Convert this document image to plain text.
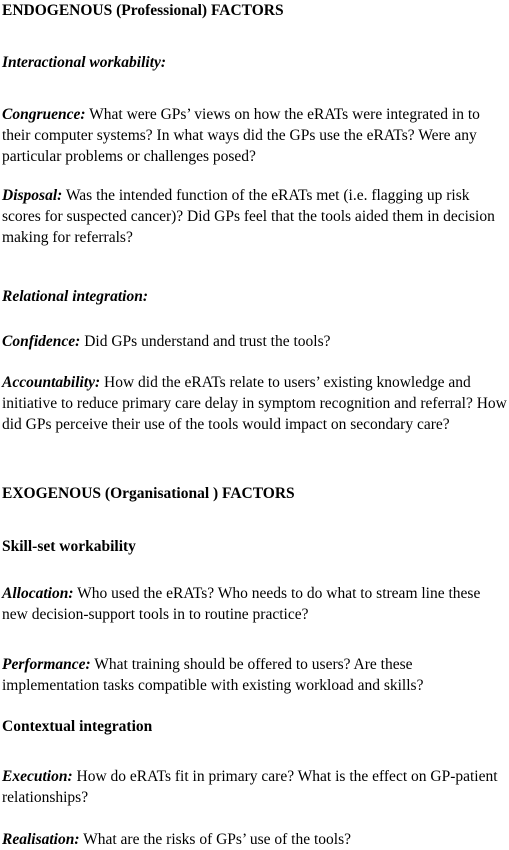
ENDOGENOUS (Professional) FACTORS

Interactional workability:

Congruence: What were GPs’ views on how the eRATs were integrated in to their computer systems? In what ways did the GPs use the eRATs? Were any particular problems or challenges posed?

Disposal: Was the intended function of the eRATs met (i.e. flagging up risk scores for suspected cancer)? Did GPs feel that the tools aided them in decision making for referrals?

Relational integration:

Confidence: Did GPs understand and trust the tools?

Accountability: How did the eRATs relate to users’ existing knowledge and initiative to reduce primary care delay in symptom recognition and referral? How did GPs perceive their use of the tools would impact on secondary care?

EXOGENOUS (Organisational ) FACTORS

Skill-set workability

Allocation: Who used the eRATs? Who needs to do what to stream line these new decision-support tools in to routine practice?

Performance: What training should be offered to users? Are these implementation tasks compatible with existing workload and skills?

Contextual integration

Execution: How do eRATs fit in primary care? What is the effect on GP-patient relationships?

Realisation: What are the risks of GPs’ use of the tools?
